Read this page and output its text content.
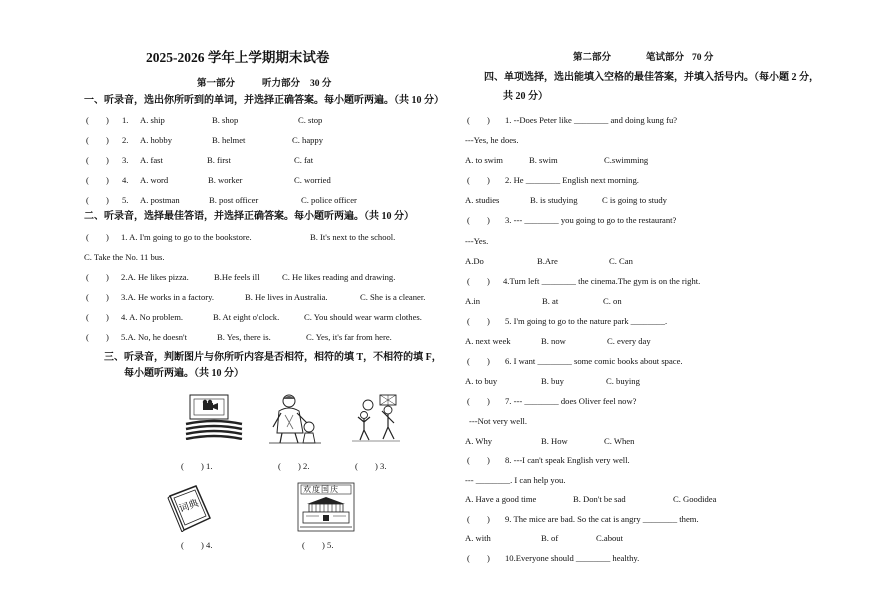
2025-2026 学年上学期期末试卷
第一部分	听力部分 30 分
一、听录音，选出你所听到的单词，并选择正确答案。每小题听两遍。（共 10 分）
(　　) 1. A. ship	B. shop	C. stop
(　　) 2. A. hobby	B. helmet	C. happy
(　　) 3. A. fast	B. first	C. fat
(　　) 4. A. word	B. worker	C. worried
(　　) 5. A. postman	B. post officer	C. police officer
二、听录音，选择最佳答语，并选择正确答案。每小题听两遍。（共 10 分）
(　　) 1. A. I'm going to go to the bookstore.	B. It's next to the school.
C. Take the No. 11 bus.
(　　) 2.A. He likes pizza.	B.He feels ill	C. He likes reading and drawing.
(　　) 3.A. He works in a factory.	B. He lives in Australia.	C. She is a cleaner.
(　　) 4. A. No problem.	B. At eight o'clock.	C. You should wear warm clothes.
(　　) 5.A. No, he doesn't	B. Yes, there is.	C. Yes, it's far from here.
三、听录音，判断图片与你所听内容是否相符，相符的填 T，不相符的填 F，
每小题听两遍。（共 10 分）
(　　) 1.	(　　) 2.	(　　) 3.
词典
欢度国庆
(　　) 4.	(　　) 5.
第二部分	笔试部分 70 分
四、单项选择，选出能填入空格的最佳答案，并填入括号内。（每小题 2 分，
共 20 分）
(　　) 1. --Does Peter like ________ and doing kung fu?
---Yes, he does.
A. to swim	B. swim	C.swimming
(　　) 2. He ________ English next morning.
A. studies	B. is studying	C is going to study
(　　) 3. --- ________ you going to go to the restaurant?
---Yes.
A.Do	B.Are	C. Can
(　　) 4.Turn left ________ the cinema.The gym is on the right.
A.in	B. at	C. on
(　　) 5. I'm going to go to the nature park ________.
A. next week	B. now	C. every day
(　　) 6. I want ________ some comic books about space.
A. to buy	B. buy	C. buying
(　　) 7. --- ________ does Oliver feel now?
---Not very well.
A. Why	B. How	C. When
(　　) 8. ---I can't speak English very well.
--- ________. I can help you.
A. Have a good time	B. Don't be sad	C. Goodidea
(　　) 9. The mice are bad. So the cat is angry ________ them.
A. with	B. of	C.about
(　　) 10.Everyone should ________ healthy.
